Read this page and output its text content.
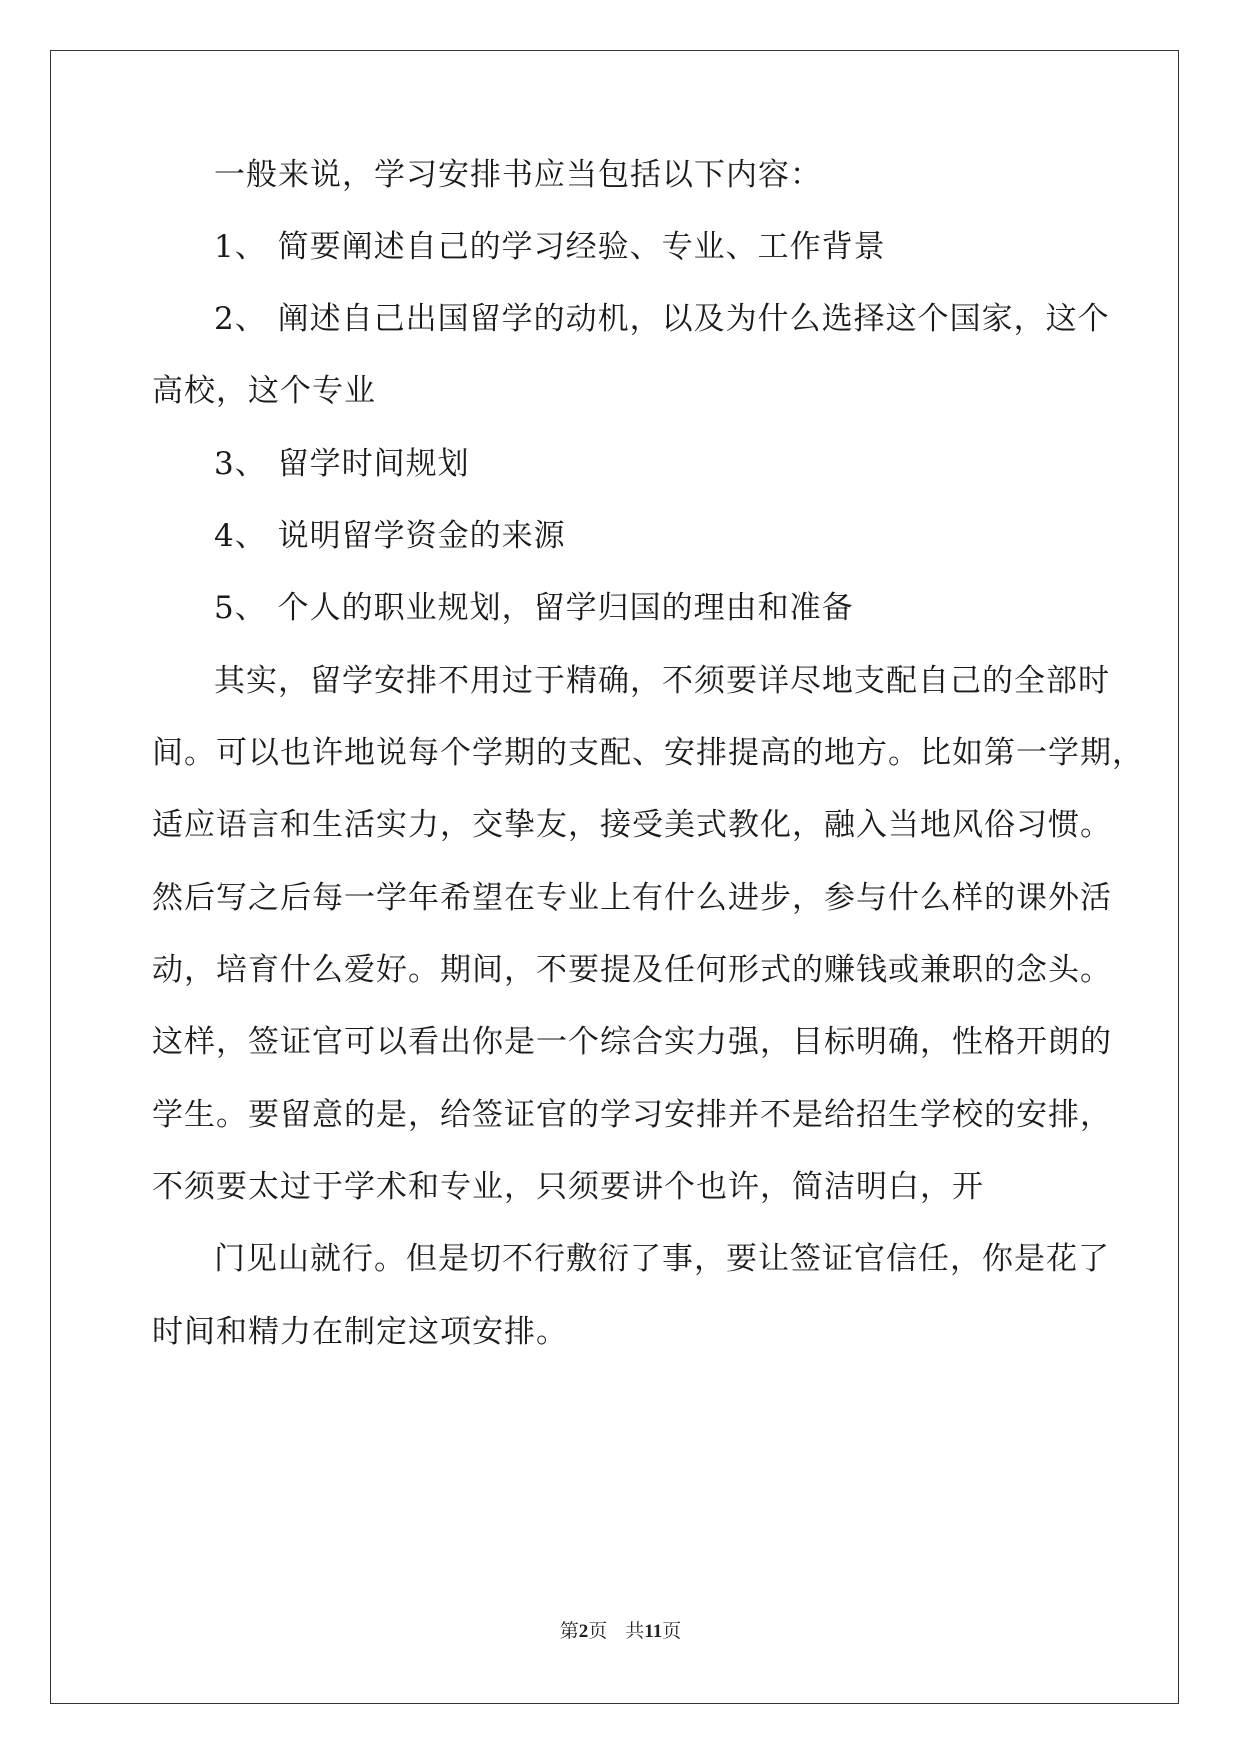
一般来说，学习安排书应当包括以下内容：
1、 简要阐述自己的学习经验、专业、工作背景
2、 阐述自己出国留学的动机，以及为什么选择这个国家，这个
高校，这个专业
3、 留学时间规划
4、 说明留学资金的来源
5、 个人的职业规划，留学归国的理由和准备
其实，留学安排不用过于精确，不须要详尽地支配自己的全部时
间。可以也许地说每个学期的支配、安排提高的地方。比如第一学期，
适应语言和生活实力，交挚友，接受美式教化，融入当地风俗习惯。
然后写之后每一学年希望在专业上有什么进步，参与什么样的课外活
动，培育什么爱好。期间，不要提及任何形式的赚钱或兼职的念头。
这样，签证官可以看出你是一个综合实力强，目标明确，性格开朗的
学生。要留意的是，给签证官的学习安排并不是给招生学校的安排，
不须要太过于学术和专业，只须要讲个也许，简洁明白，开
门见山就行。但是切不行敷衍了事，要让签证官信任，你是花了
时间和精力在制定这项安排。
第2页 共11页
